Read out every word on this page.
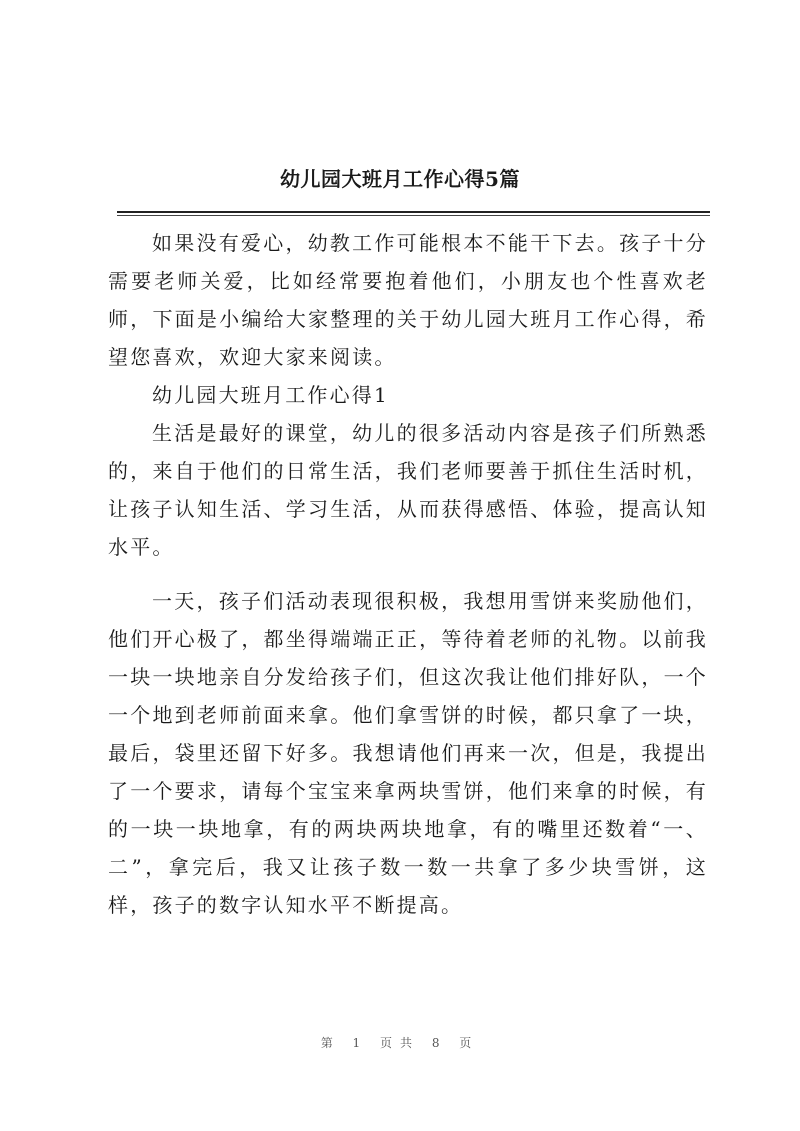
幼儿园大班月工作心得5篇

如果没有爱心，幼教工作可能根本不能干下去。孩子十分需要老师关爱，比如经常要抱着他们，小朋友也个性喜欢老师，下面是小编给大家整理的关于幼儿园大班月工作心得，希望您喜欢，欢迎大家来阅读。

幼儿园大班月工作心得1

生活是最好的课堂，幼儿的很多活动内容是孩子们所熟悉的，来自于他们的日常生活，我们老师要善于抓住生活时机，让孩子认知生活、学习生活，从而获得感悟、体验，提高认知水平。

一天，孩子们活动表现很积极，我想用雪饼来奖励他们，他们开心极了，都坐得端端正正，等待着老师的礼物。以前我一块一块地亲自分发给孩子们，但这次我让他们排好队，一个一个地到老师前面来拿。他们拿雪饼的时候，都只拿了一块，最后，袋里还留下好多。我想请他们再来一次，但是，我提出了一个要求，请每个宝宝来拿两块雪饼，他们来拿的时候，有的一块一块地拿，有的两块两块地拿，有的嘴里还数着“一、二”，拿完后，我又让孩子数一数一共拿了多少块雪饼，这样，孩子的数字认知水平不断提高。

第 1 页共 8 页
